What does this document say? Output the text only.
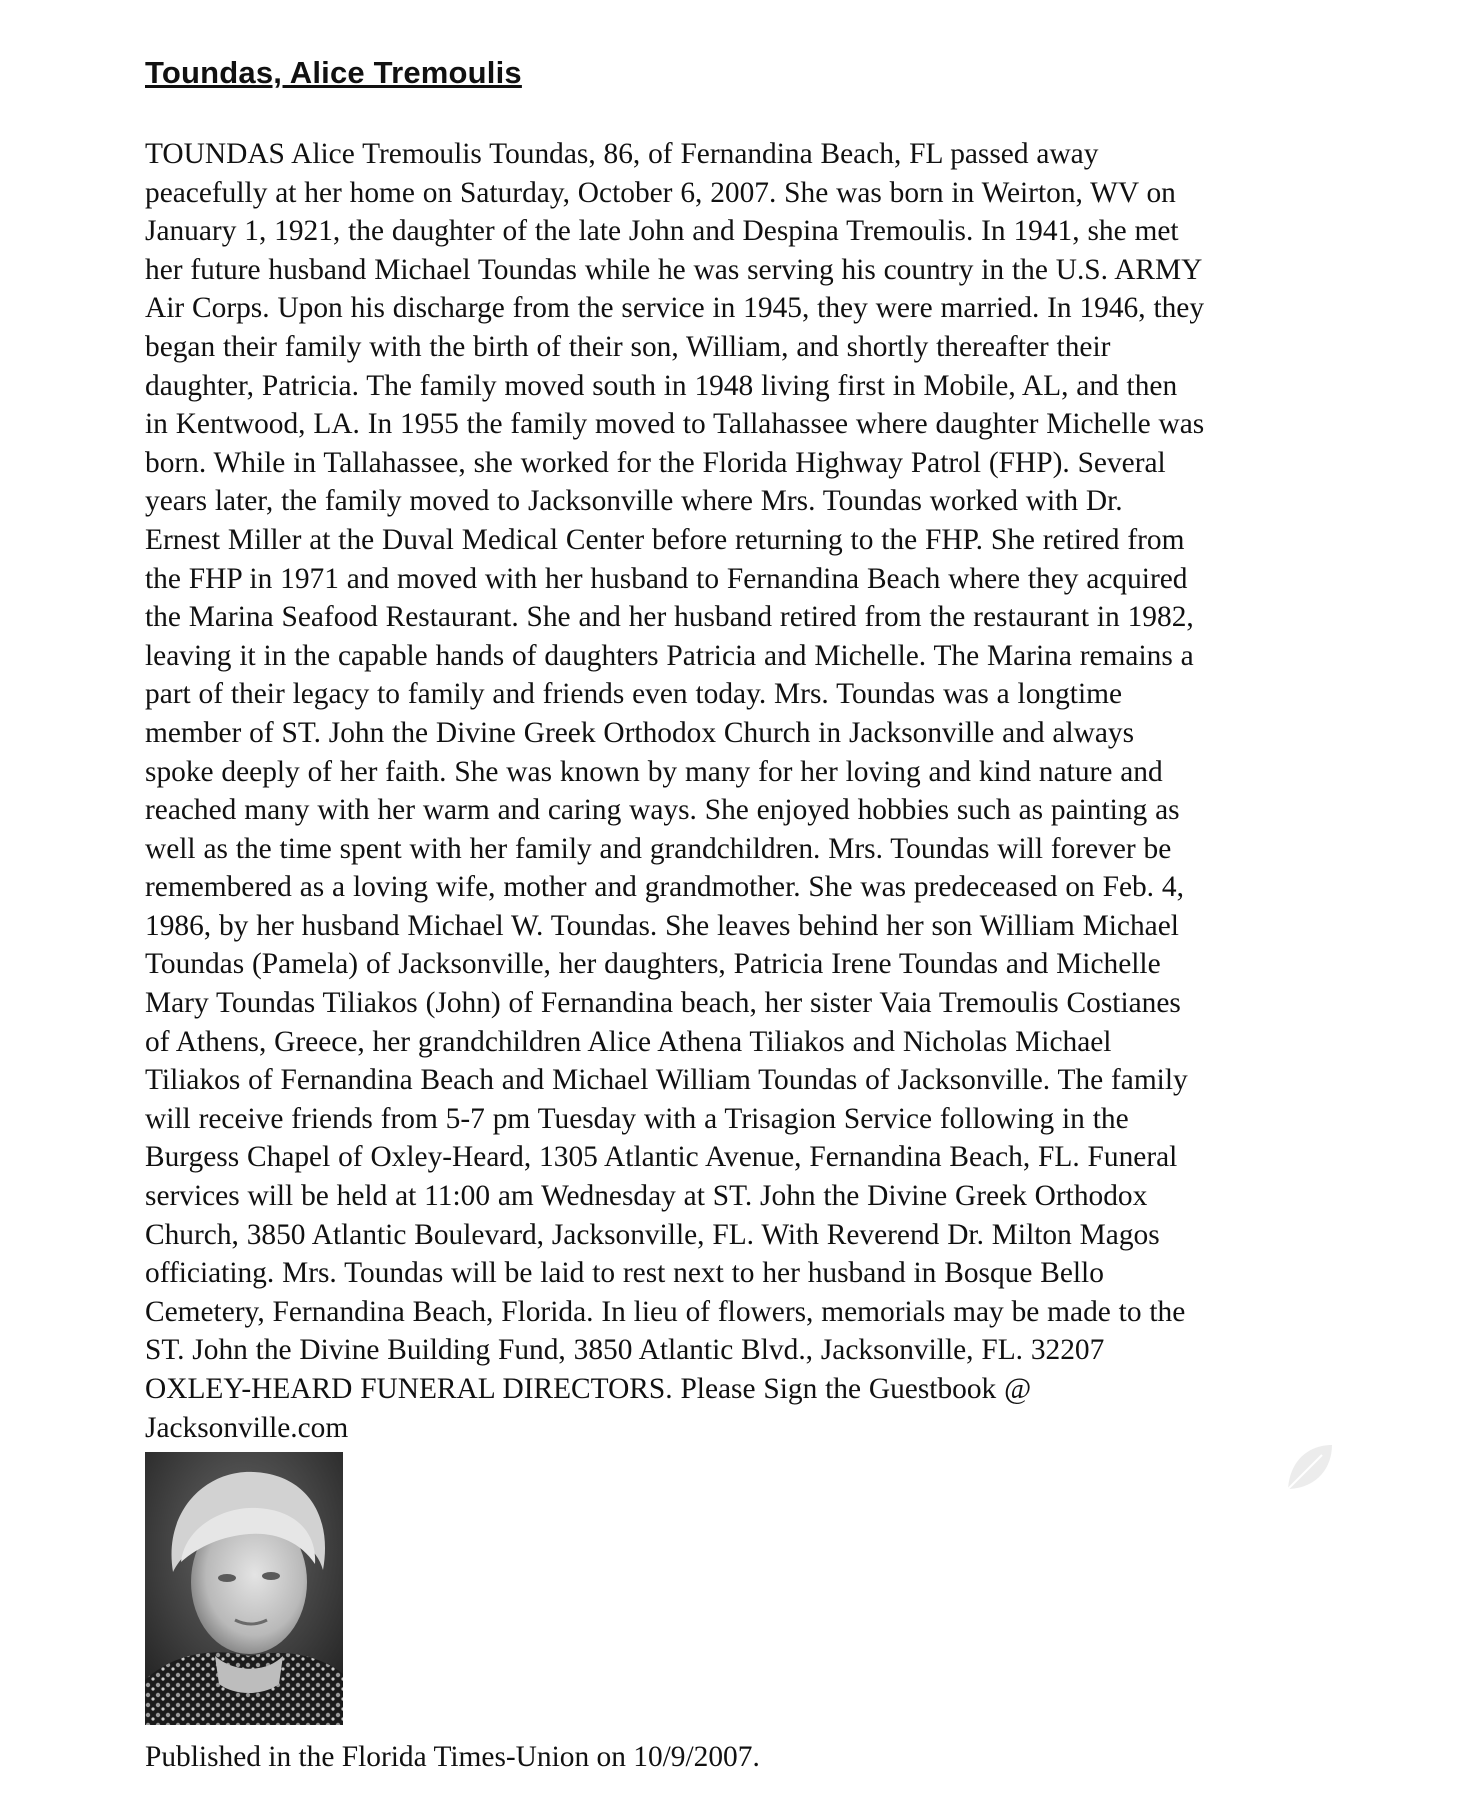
Toundas, Alice Tremoulis
TOUNDAS Alice Tremoulis Toundas, 86, of Fernandina Beach, FL passed away
peacefully at her home on Saturday, October 6, 2007. She was born in Weirton, WV on
January 1, 1921, the daughter of the late John and Despina Tremoulis. In 1941, she met
her future husband Michael Toundas while he was serving his country in the U.S. ARMY
Air Corps. Upon his discharge from the service in 1945, they were married. In 1946, they
began their family with the birth of their son, William, and shortly thereafter their
daughter, Patricia. The family moved south in 1948 living first in Mobile, AL, and then
in Kentwood, LA. In 1955 the family moved to Tallahassee where daughter Michelle was
born. While in Tallahassee, she worked for the Florida Highway Patrol (FHP). Several
years later, the family moved to Jacksonville where Mrs. Toundas worked with Dr.
Ernest Miller at the Duval Medical Center before returning to the FHP. She retired from
the FHP in 1971 and moved with her husband to Fernandina Beach where they acquired
the Marina Seafood Restaurant. She and her husband retired from the restaurant in 1982,
leaving it in the capable hands of daughters Patricia and Michelle. The Marina remains a
part of their legacy to family and friends even today. Mrs. Toundas was a longtime
member of ST. John the Divine Greek Orthodox Church in Jacksonville and always
spoke deeply of her faith. She was known by many for her loving and kind nature and
reached many with her warm and caring ways. She enjoyed hobbies such as painting as
well as the time spent with her family and grandchildren. Mrs. Toundas will forever be
remembered as a loving wife, mother and grandmother. She was predeceased on Feb. 4,
1986, by her husband Michael W. Toundas. She leaves behind her son William Michael
Toundas (Pamela) of Jacksonville, her daughters, Patricia Irene Toundas and Michelle
Mary Toundas Tiliakos (John) of Fernandina beach, her sister Vaia Tremoulis Costianes
of Athens, Greece, her grandchildren Alice Athena Tiliakos and Nicholas Michael
Tiliakos of Fernandina Beach and Michael William Toundas of Jacksonville. The family
will receive friends from 5-7 pm Tuesday with a Trisagion Service following in the
Burgess Chapel of Oxley-Heard, 1305 Atlantic Avenue, Fernandina Beach, FL. Funeral
services will be held at 11:00 am Wednesday at ST. John the Divine Greek Orthodox
Church, 3850 Atlantic Boulevard, Jacksonville, FL. With Reverend Dr. Milton Magos
officiating. Mrs. Toundas will be laid to rest next to her husband in Bosque Bello
Cemetery, Fernandina Beach, Florida. In lieu of flowers, memorials may be made to the
ST. John the Divine Building Fund, 3850 Atlantic Blvd., Jacksonville, FL. 32207
OXLEY-HEARD FUNERAL DIRECTORS. Please Sign the Guestbook @
Jacksonville.com

Published in the Florida Times-Union on 10/9/2007.
